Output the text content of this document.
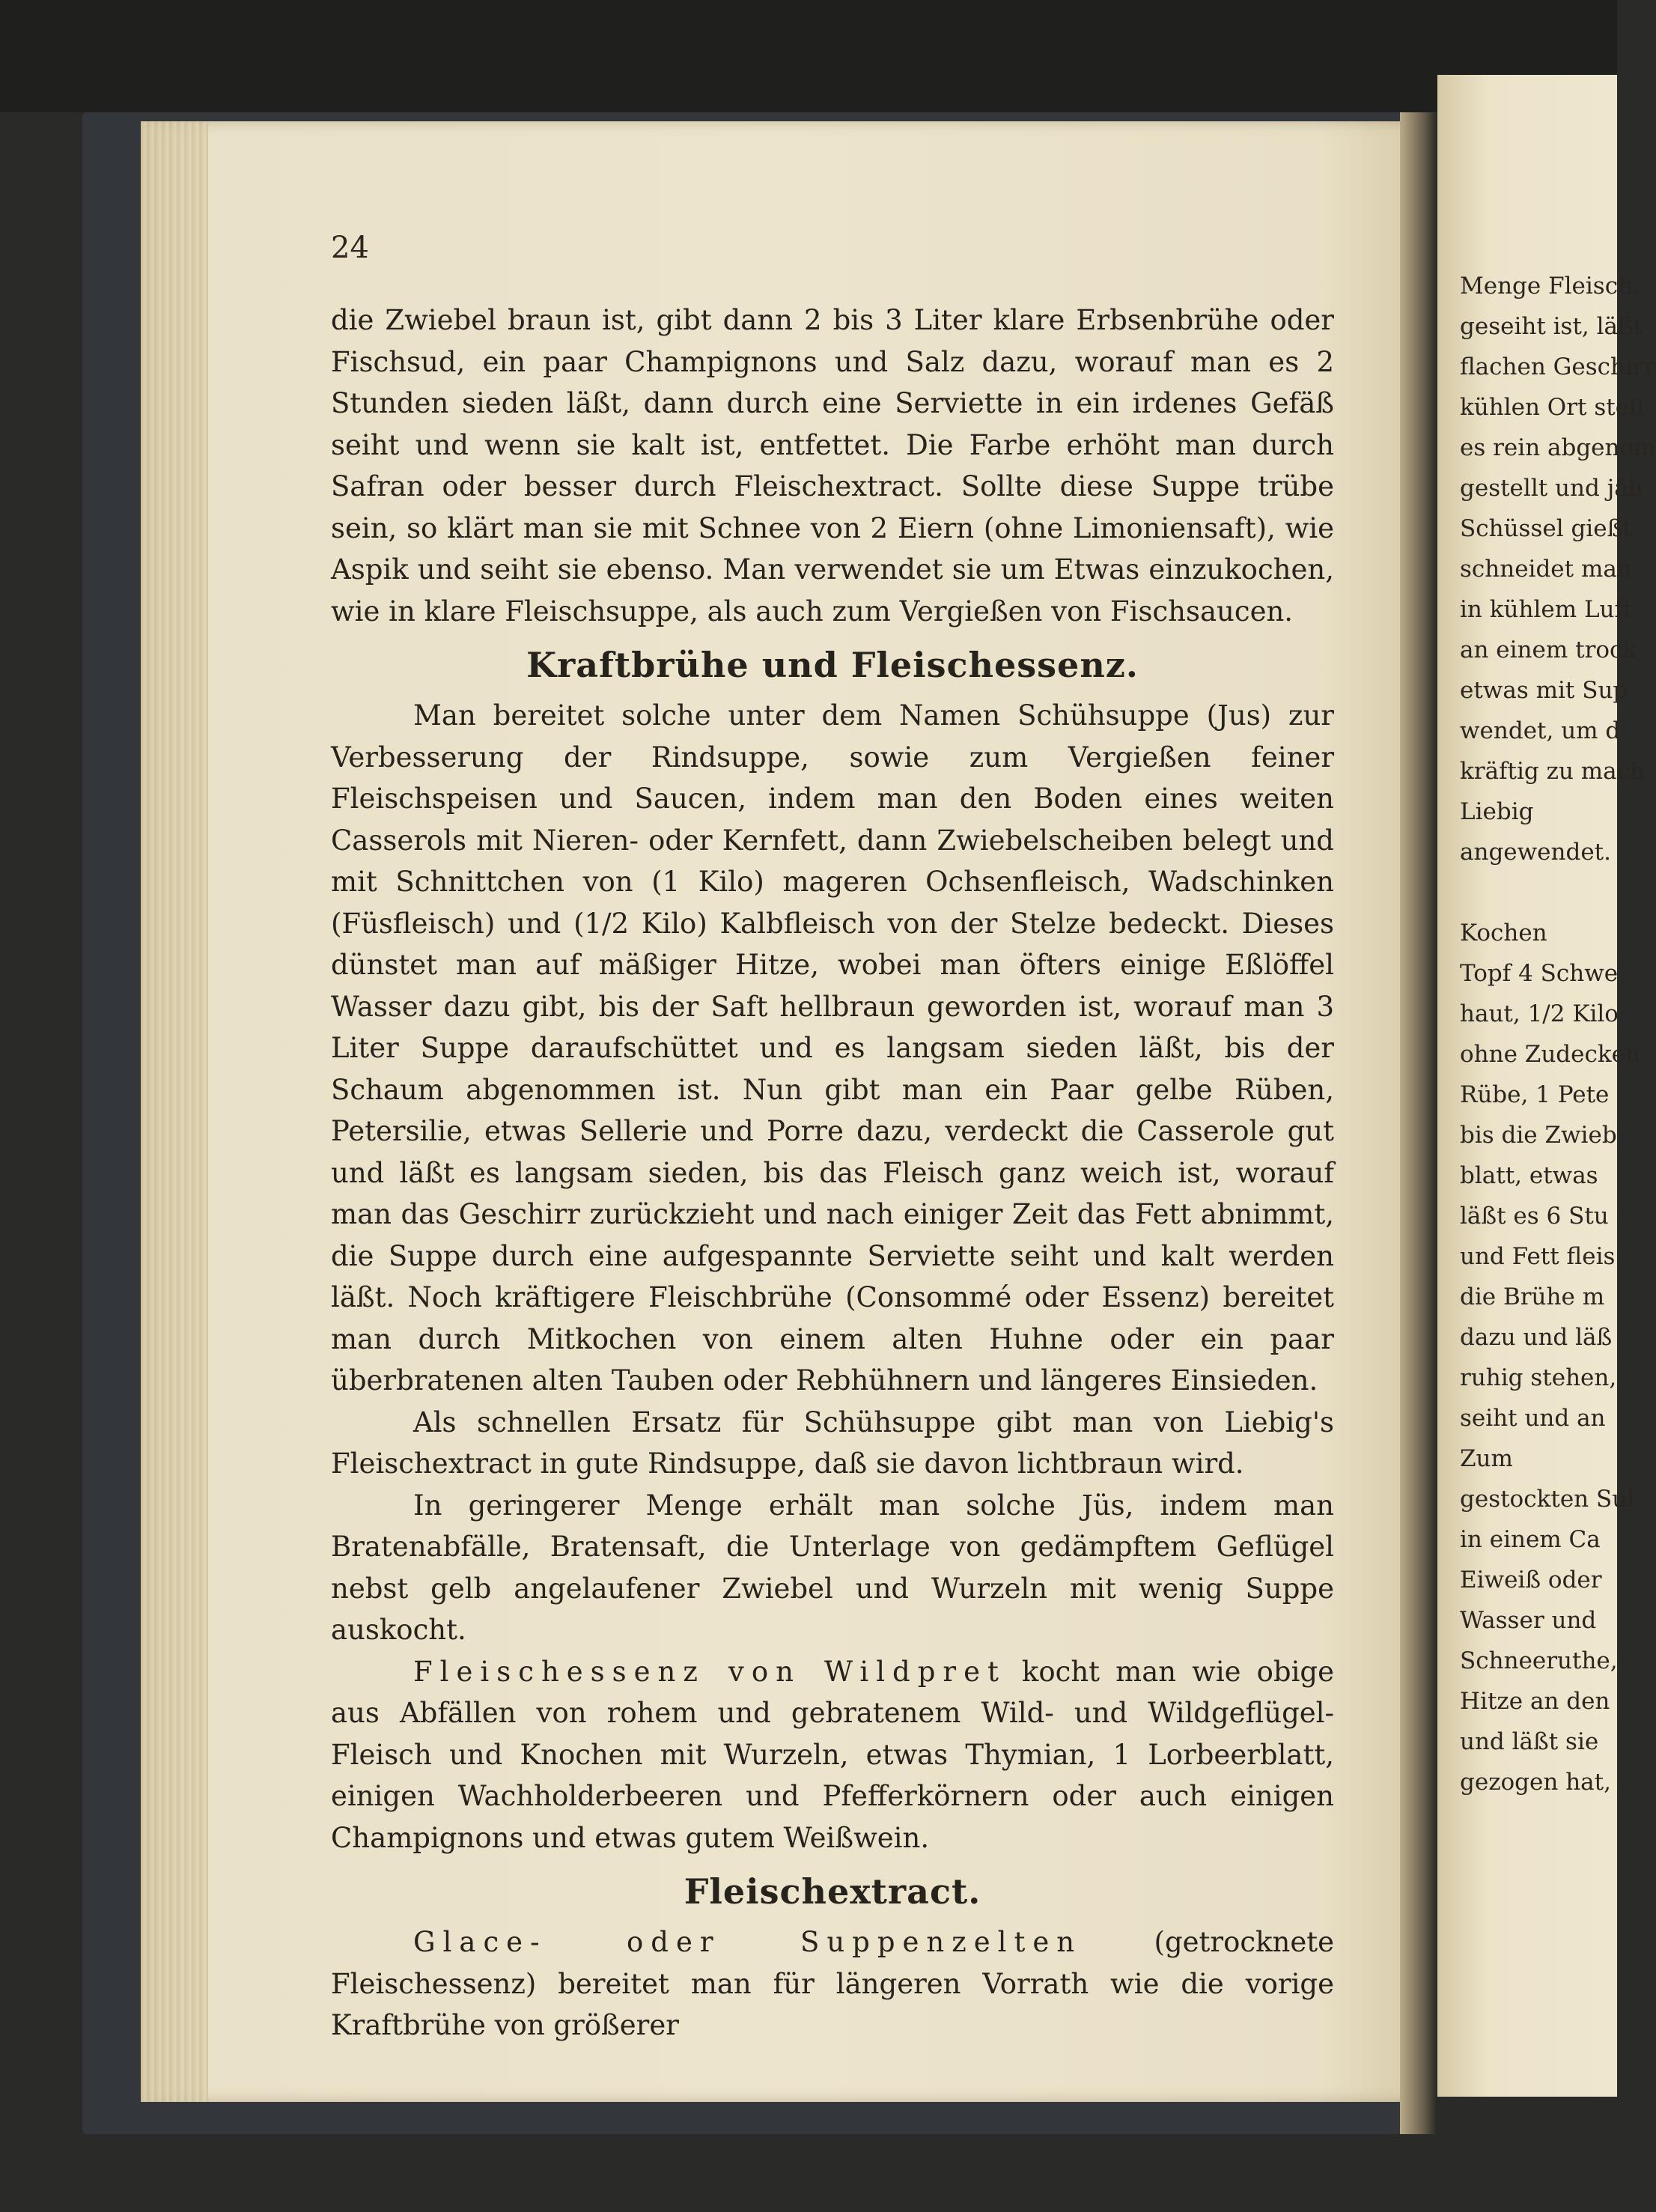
24

die Zwiebel braun ist, gibt dann 2 bis 3 Liter klare Erbsenbrühe oder Fischsud, ein paar Champignons und Salz dazu, worauf man es 2 Stunden sieden läßt, dann durch eine Serviette in ein irdenes Gefäß seiht und wenn sie kalt ist, entfettet. Die Farbe erhöht man durch Safran oder besser durch Fleischextract. Sollte diese Suppe trübe sein, so klärt man sie mit Schnee von 2 Eiern (ohne Limoniensaft), wie Aspik und seiht sie ebenso. Man verwendet sie um Etwas einzukochen, wie in klare Fleischsuppe, als auch zum Vergießen von Fischsaucen.

Kraftbrühe und Fleischessenz.

Man bereitet solche unter dem Namen Schühsuppe (Jus) zur Verbesserung der Rindsuppe, sowie zum Vergießen feiner Fleischspeisen und Saucen, indem man den Boden eines weiten Casserols mit Nieren- oder Kernfett, dann Zwiebelscheiben belegt und mit Schnittchen von (1 Kilo) mageren Ochsenfleisch, Wadschinken (Füsfleisch) und (1/2 Kilo) Kalbfleisch von der Stelze bedeckt. Dieses dünstet man auf mäßiger Hitze, wobei man öfters einige Eßlöffel Wasser dazu gibt, bis der Saft hellbraun geworden ist, worauf man 3 Liter Suppe daraufschüttet und es langsam sieden läßt, bis der Schaum abgenommen ist. Nun gibt man ein Paar gelbe Rüben, Petersilie, etwas Sellerie und Porre dazu, verdeckt die Casserole gut und läßt es langsam sieden, bis das Fleisch ganz weich ist, worauf man das Geschirr zurückzieht und nach einiger Zeit das Fett abnimmt, die Suppe durch eine aufgespannte Serviette seiht und kalt werden läßt. Noch kräftigere Fleischbrühe (Consommé oder Essenz) bereitet man durch Mitkochen von einem alten Huhne oder ein paar überbratenen alten Tauben oder Rebhühnern und längeres Einsieden.

Als schnellen Ersatz für Schühsuppe gibt man von Liebig's Fleischextract in gute Rindsuppe, daß sie davon lichtbraun wird.

In geringerer Menge erhält man solche Jüs, indem man Bratenabfälle, Bratensaft, die Unterlage von gedämpftem Geflügel nebst gelb angelaufener Zwiebel und Wurzeln mit wenig Suppe auskocht.

Fleischessenz von Wildpret kocht man wie obige aus Abfällen von rohem und gebratenem Wild- und Wildgeflügel-Fleisch und Knochen mit Wurzeln, etwas Thymian, 1 Lorbeerblatt, einigen Wachholderbeeren und Pfefferkörnern oder auch einigen Champignons und etwas gutem Weißwein.

Fleischextract.

Glace- oder Suppenzelten (getrocknete Fleischessenz) bereitet man für längeren Vorrath wie die vorige Kraftbrühe von größerer

Menge Fleisch.
geseiht ist, läßt
flachen Geschirr
kühlen Ort stell
es rein abgenom
gestellt und jäh
Schüssel gießt
schneidet man
in kühlem Luft
an einem trock
etwas mit Sup
wendet, um d
kräftig zu mach
Liebig
angewendet.
Kochen
Topf 4 Schwe
haut, 1/2 Kilo
ohne Zudecken
Rübe, 1 Pete
bis die Zwieb
blatt, etwas
läßt es 6 Stu
und Fett fleis
die Brühe m
dazu und läß
ruhig stehen,
seiht und an
Zum
gestockten Sul
in einem Ca
Eiweiß oder
Wasser und
Schneeruthe,
Hitze an den
und läßt sie
gezogen hat,
